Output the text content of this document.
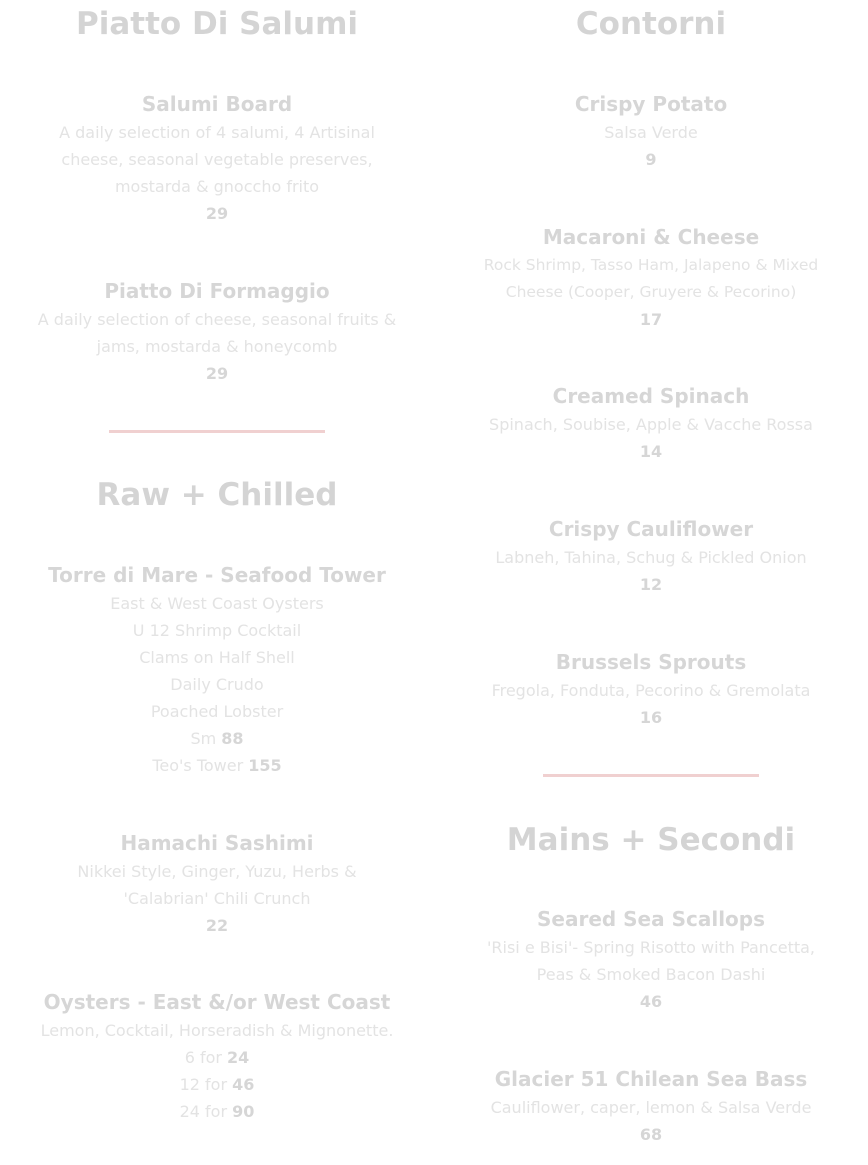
Piatto Di Salumi
Salumi Board
A daily selection of 4 salumi, 4 Artisinal cheese, seasonal vegetable preserves, mostarda & gnoccho frito
29
Piatto Di Formaggio
A daily selection of cheese, seasonal fruits & jams, mostarda & honeycomb
29
Raw + Chilled
Torre di Mare - Seafood Tower
East & West Coast Oysters
U 12 Shrimp Cocktail
Clams on Half Shell
Daily Crudo
Poached Lobster
Sm 88
Teo's Tower 155
Hamachi Sashimi
Nikkei Style, Ginger, Yuzu, Herbs & 'Calabrian' Chili Crunch
22
Oysters - East &/or West Coast
Lemon, Cocktail, Horseradish & Mignonette.
6 for 24
12 for 46
24 for 90
Contorni
Crispy Potato
Salsa Verde
9
Macaroni & Cheese
Rock Shrimp, Tasso Ham, Jalapeno & Mixed Cheese (Cooper, Gruyere & Pecorino)
17
Creamed Spinach
Spinach, Soubise, Apple & Vacche Rossa
14
Crispy Cauliflower
Labneh, Tahina, Schug & Pickled Onion
12
Brussels Sprouts
Fregola, Fonduta, Pecorino & Gremolata
16
Mains + Secondi
Seared Sea Scallops
'Risi e Bisi'- Spring Risotto with Pancetta, Peas & Smoked Bacon Dashi
46
Glacier 51 Chilean Sea Bass
Cauliflower, caper, lemon & Salsa Verde
68
